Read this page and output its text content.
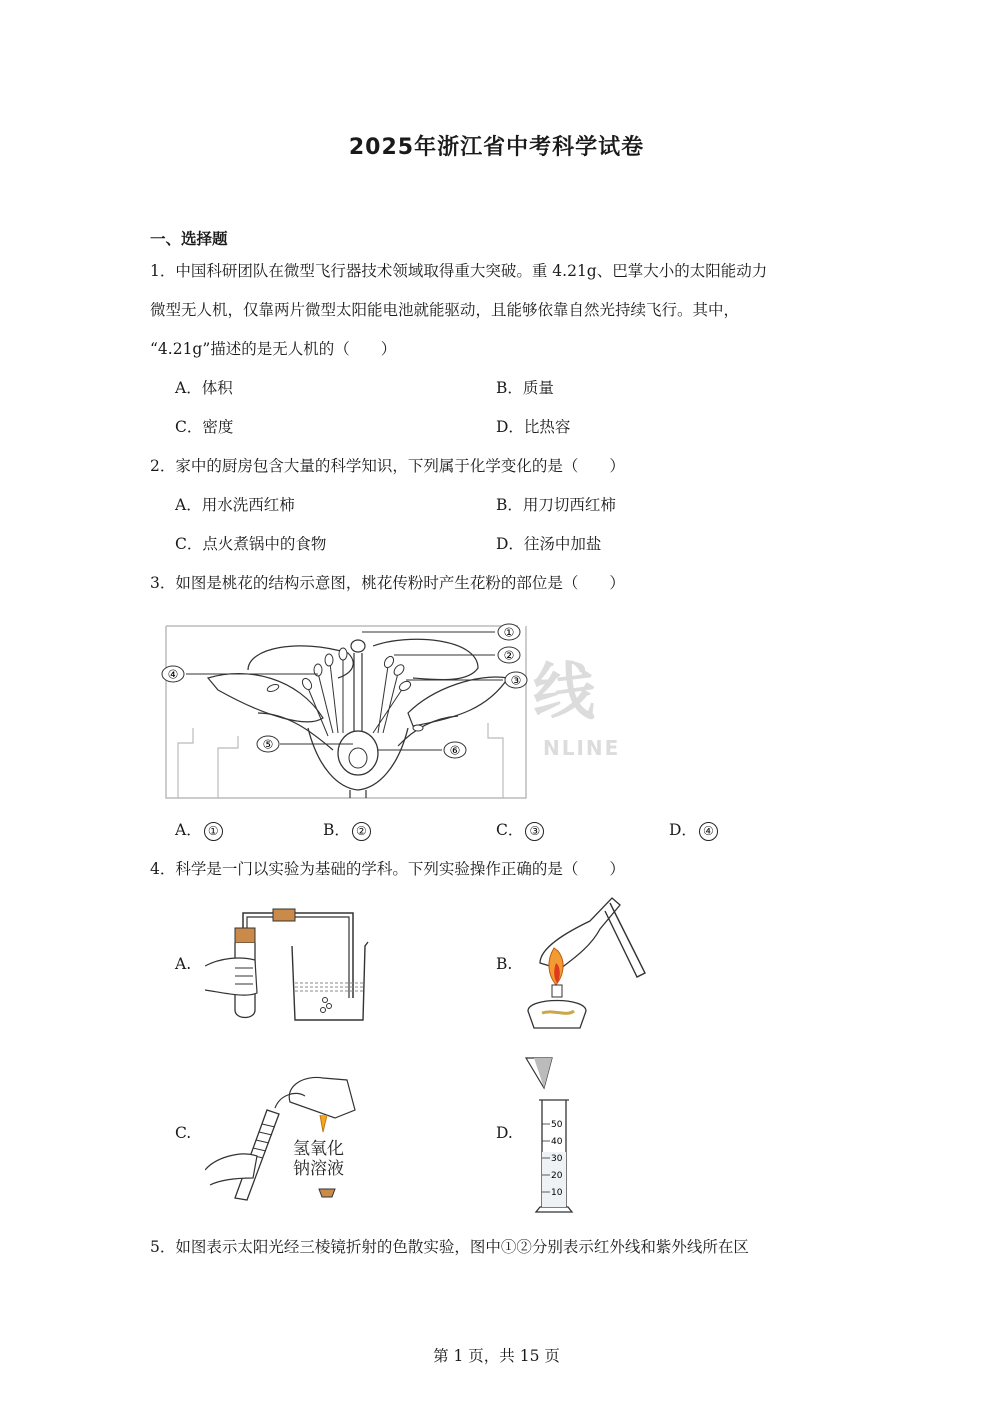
2025年浙江省中考科学试卷
一、选择题
1．中国科研团队在微型飞行器技术领域取得重大突破。重 4.21g、巴掌大小的太阳能动力
微型无人机，仅靠两片微型太阳能电池就能驱动，且能够依靠自然光持续飞行。其中，
“4.21g”描述的是无人机的（　　）
A．体积	B．质量
C．密度	D．比热容
2．家中的厨房包含大量的科学知识，下列属于化学变化的是（　　）
A．用水洗西红柿	B．用刀切西红柿
C．点火煮锅中的食物	D．往汤中加盐
3．如图是桃花的结构示意图，桃花传粉时产生花粉的部位是（　　）
线
NLINE
①
②
③
④
⑤	⑥
A． ①	B． ②	C． ③	D． ④
4．科学是一门以实验为基础的学科。下列实验操作正确的是（　　）
A.	B.
C.
氢氧化
钠溶液
D.	50
40
30
20
10
5．如图表示太阳光经三棱镜折射的色散实验，图中①②分别表示红外线和紫外线所在区
第 1 页，共 15 页
